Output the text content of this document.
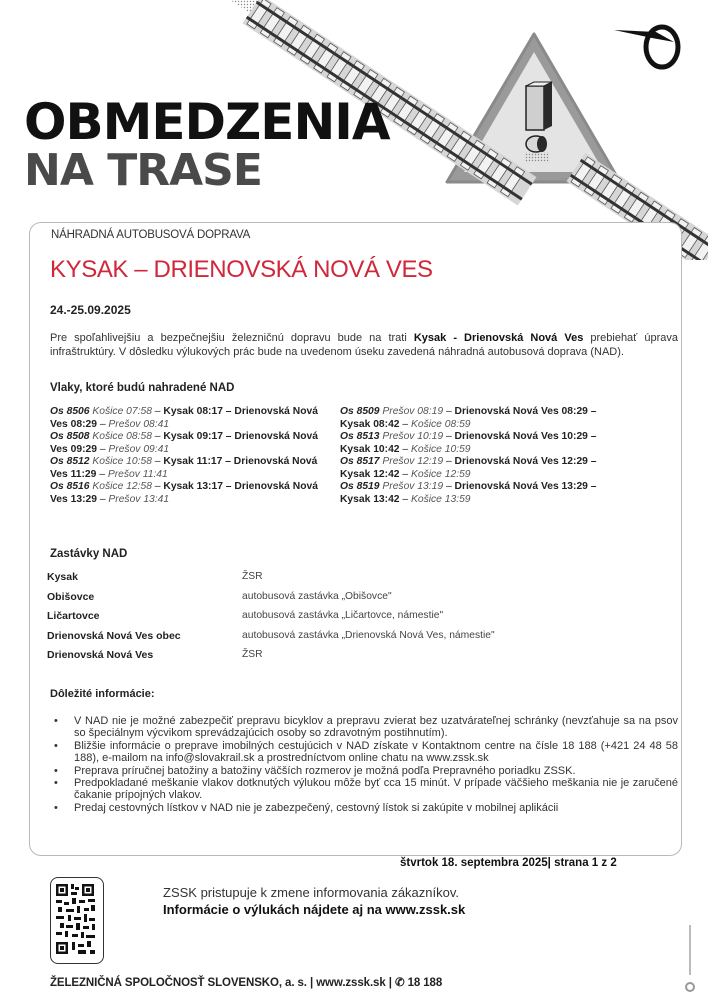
OBMEDZENIA
NA TRASE
NÁHRADNÁ AUTOBUSOVÁ DOPRAVA
KYSAK – DRIENOVSKÁ NOVÁ VES
24.-25.09.2025
Pre spoľahlivejšiu a bezpečnejšiu železničnú dopravu bude na trati Kysak - Drienovská Nová Ves prebiehať úprava infraštruktúry. V dôsledku výlukových prác bude na uvedenom úseku zavedená náhradná autobusová doprava (NAD).
Vlaky, ktoré budú nahradené NAD
Os 8506 Košice 07:58 – Kysak 08:17 – Drienovská Nová Ves 08:29 – Prešov 08:41
Os 8508 Košice 08:58 – Kysak 09:17 – Drienovská Nová Ves 09:29 – Prešov 09:41
Os 8512 Košice 10:58 – Kysak 11:17 – Drienovská Nová Ves 11:29 – Prešov 11:41
Os 8516 Košice 12:58 – Kysak 13:17 – Drienovská Nová Ves 13:29 – Prešov 13:41
Os 8509 Prešov 08:19 – Drienovská Nová Ves 08:29 – Kysak 08:42 – Košice 08:59
Os 8513 Prešov 10:19 – Drienovská Nová Ves 10:29 – Kysak 10:42 – Košice 10:59
Os 8517 Prešov 12:19 – Drienovská Nová Ves 12:29 – Kysak 12:42 – Košice 12:59
Os 8519 Prešov 13:19 – Drienovská Nová Ves 13:29 – Kysak 13:42 – Košice 13:59
Zastávky NAD
Kysak	ŽSR
Obišovce	autobusová zastávka „Obišovce"
Ličartovce	autobusová zastávka „Ličartovce, námestie"
Drienovská Nová Ves obec	autobusová zastávka „Drienovská Nová Ves, námestie"
Drienovská Nová Ves	ŽSR
Dôležité informácie:
• V NAD nie je možné zabezpečiť prepravu bicyklov a prepravu zvierat bez uzatvárateľnej schránky (nevzťahuje sa na psov so špeciálnym výcvikom sprevádzajúcich osoby so zdravotným postihnutím).
• Bližšie informácie o preprave imobilných cestujúcich v NAD získate v Kontaktnom centre na čísle 18 188 (+421 24 48 58 188), e-mailom na info@slovakrail.sk a prostredníctvom online chatu na www.zssk.sk
• Preprava príručnej batožiny a batožiny väčších rozmerov je možná podľa Prepravného poriadku ZSSK.
• Predpokladané meškanie vlakov dotknutých výlukou môže byť cca 15 minút. V prípade väčšieho meškania nie je zaručené čakanie prípojných vlakov.
• Predaj cestovných lístkov v NAD nie je zabezpečený, cestovný lístok si zakúpite v mobilnej aplikácii
štvrtok 18. septembra 2025| strana 1 z 2
ZSSK pristupuje k zmene informovania zákazníkov.
Informácie o výlukách nájdete aj na www.zssk.sk
ŽELEZNIČNÁ SPOLOČNOSŤ SLOVENSKO, a. s. | www.zssk.sk | ✆ 18 188
